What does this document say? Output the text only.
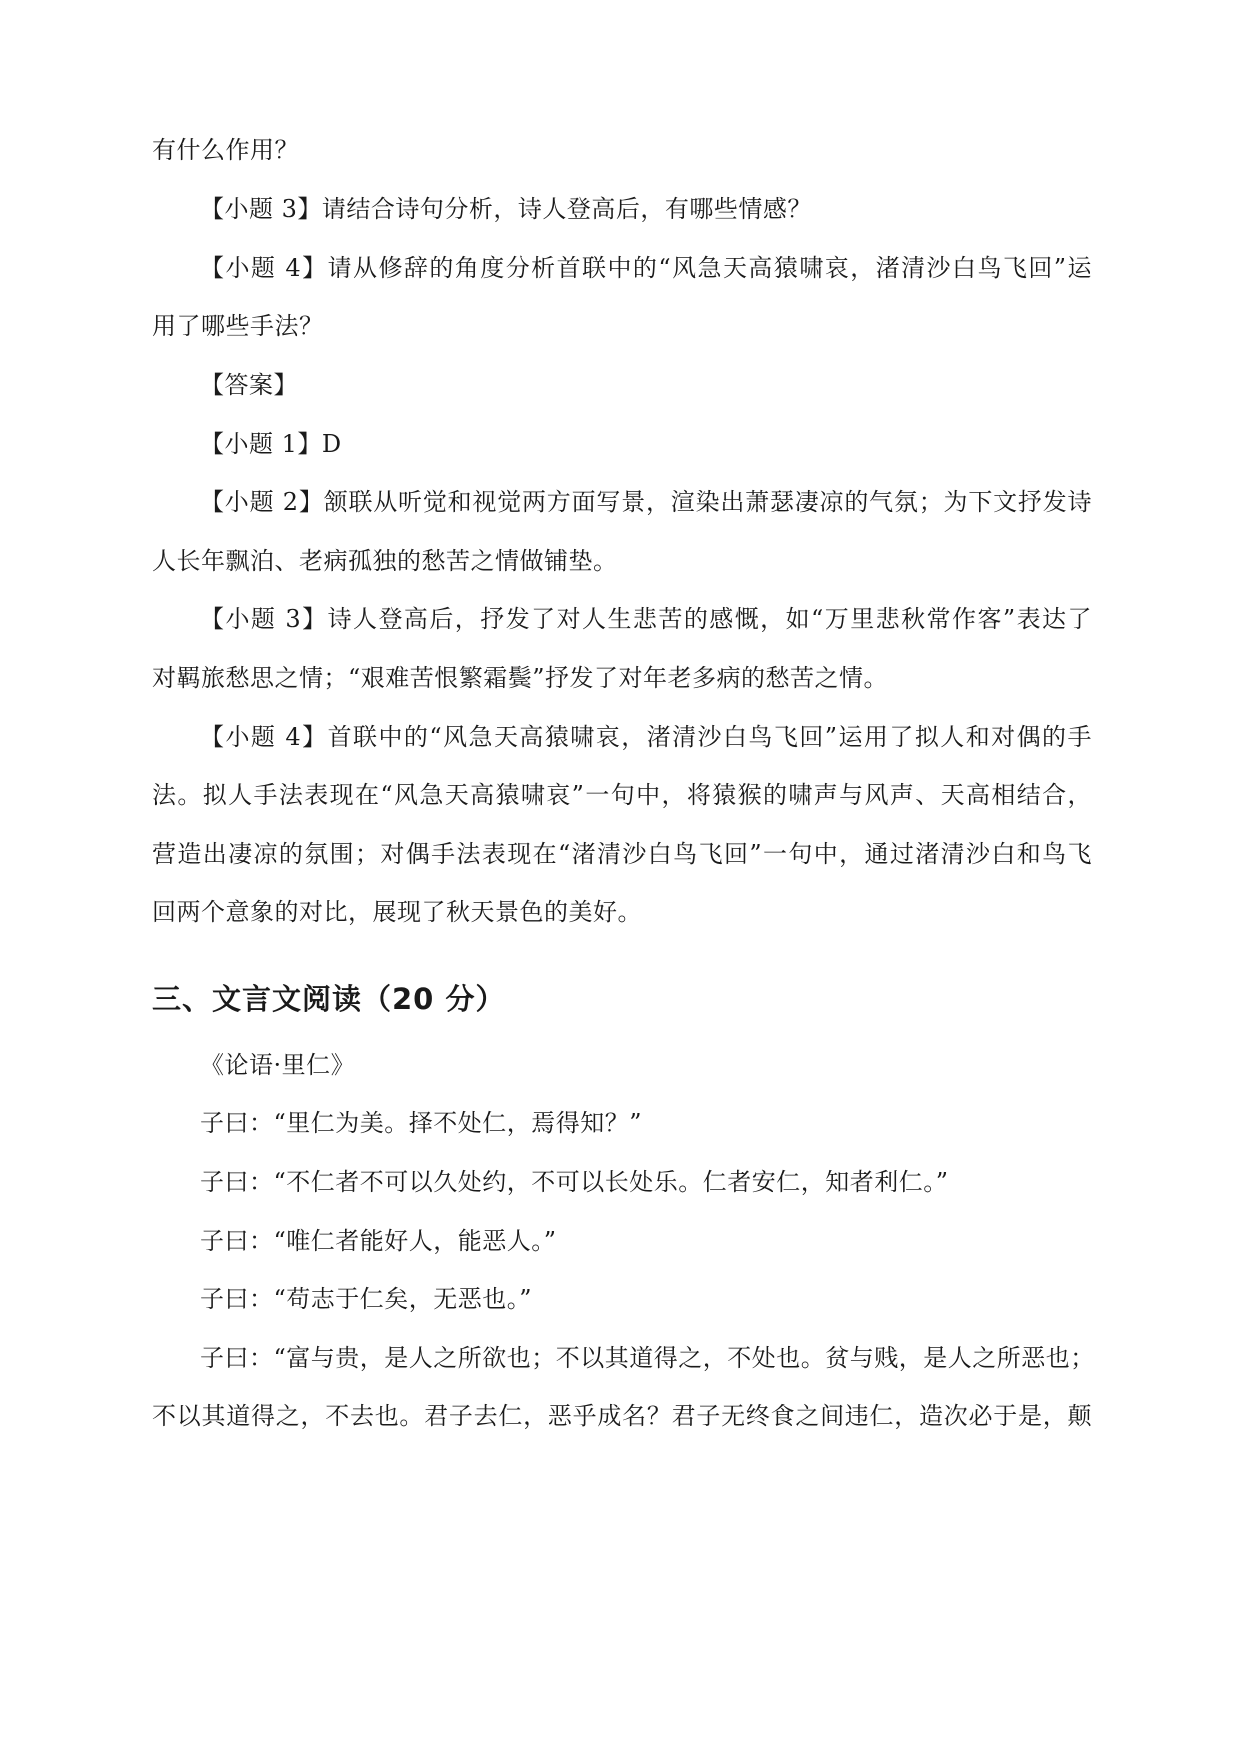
有什么作用？
【小题 3】请结合诗句分析，诗人登高后，有哪些情感？
【小题 4】请从修辞的角度分析首联中的“风急天高猿啸哀，渚清沙白鸟飞回”运
用了哪些手法？
【答案】
【小题 1】D
【小题 2】颔联从听觉和视觉两方面写景，渲染出萧瑟凄凉的气氛；为下文抒发诗
人长年飘泊、老病孤独的愁苦之情做铺垫。
【小题 3】诗人登高后，抒发了对人生悲苦的感慨，如“万里悲秋常作客”表达了
对羁旅愁思之情；“艰难苦恨繁霜鬓”抒发了对年老多病的愁苦之情。
【小题 4】首联中的“风急天高猿啸哀，渚清沙白鸟飞回”运用了拟人和对偶的手
法。拟人手法表现在“风急天高猿啸哀”一句中，将猿猴的啸声与风声、天高相结合，
营造出凄凉的氛围；对偶手法表现在“渚清沙白鸟飞回”一句中，通过渚清沙白和鸟飞
回两个意象的对比，展现了秋天景色的美好。
三、文言文阅读（20 分）
《论语·里仁》
子曰：“里仁为美。择不处仁，焉得知？”
子曰：“不仁者不可以久处约，不可以长处乐。仁者安仁，知者利仁。”
子曰：“唯仁者能好人，能恶人。”
子曰：“苟志于仁矣，无恶也。”
子曰：“富与贵，是人之所欲也；不以其道得之，不处也。贫与贱，是人之所恶也；
不以其道得之，不去也。君子去仁，恶乎成名？君子无终食之间违仁，造次必于是，颠
